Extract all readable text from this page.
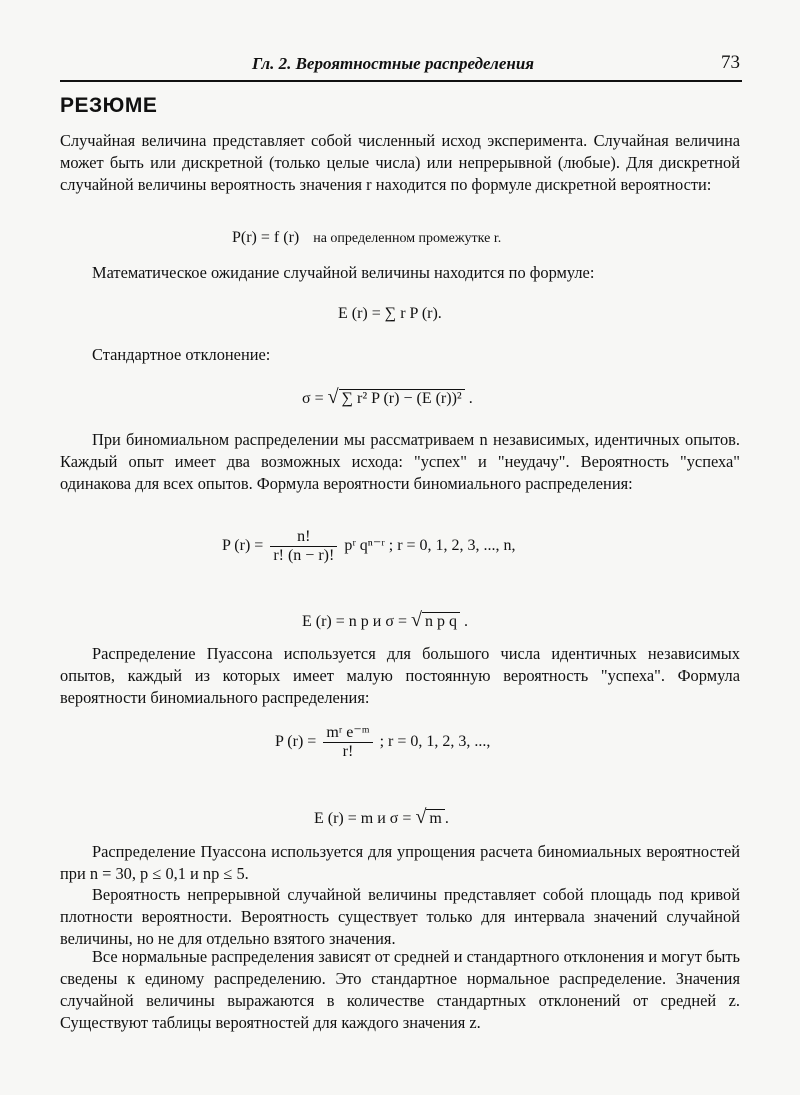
Гл. 2. Вероятностные распределения	73
РЕЗЮМЕ

Случайная величина представляет собой численный исход эксперимента. Случайная величина может быть или дискретной (только целые числа) или непрерывной (любые). Для дискретной случайной величины вероятность значения r находится по формуле дискретной вероятности:

P(r) = f (r) на определенном промежутке r.

Математическое ожидание случайной величины находится по формуле:

E (r) = ∑ r P (r).

Стандартное отклонение:

σ = √ ∑ r² P (r) − (E (r))² .

При биномиальном распределении мы рассматриваем n независимых, идентичных опытов. Каждый опыт имеет два возможных исхода: "успех" и "неудачу". Вероятность "успеха" одинакова для всех опытов. Формула вероятности биномиального распределения:

P $(r) = \frac{n!}{r! (n - r)!}$ pʳ qⁿ⁻ʳ ; r = 0, 1, 2, 3, ..., n,
E (r) = n p и σ = √ n p q .

Распределение Пуассона используется для большого числа идентичных независимых опытов, каждый из которых имеет малую постоянную вероятность "успеха". Формула вероятности биномиального распределения:

P $(r) = \frac{\text{mʳ e⁻ᵐ}}{r!}$ ; r = 0, 1, 2, 3, ...,
E (r) = m и σ = √ m .

Распределение Пуассона используется для упрощения расчета биномиальных вероятностей при n = 30, p ≤ 0,1 и np ≤ 5.

Вероятность непрерывной случайной величины представляет собой площадь под кривой плотности вероятности. Вероятность существует только для интервала значений случайной величины, но не для отдельно взятого значения.

Все нормальные распределения зависят от средней и стандартного отклонения и могут быть сведены к единому распределению. Это стандартное нормальное распределение. Значения случайной величины выражаются в количестве стандартных отклонений от средней z. Существуют таблицы вероятностей для каждого значения z.
